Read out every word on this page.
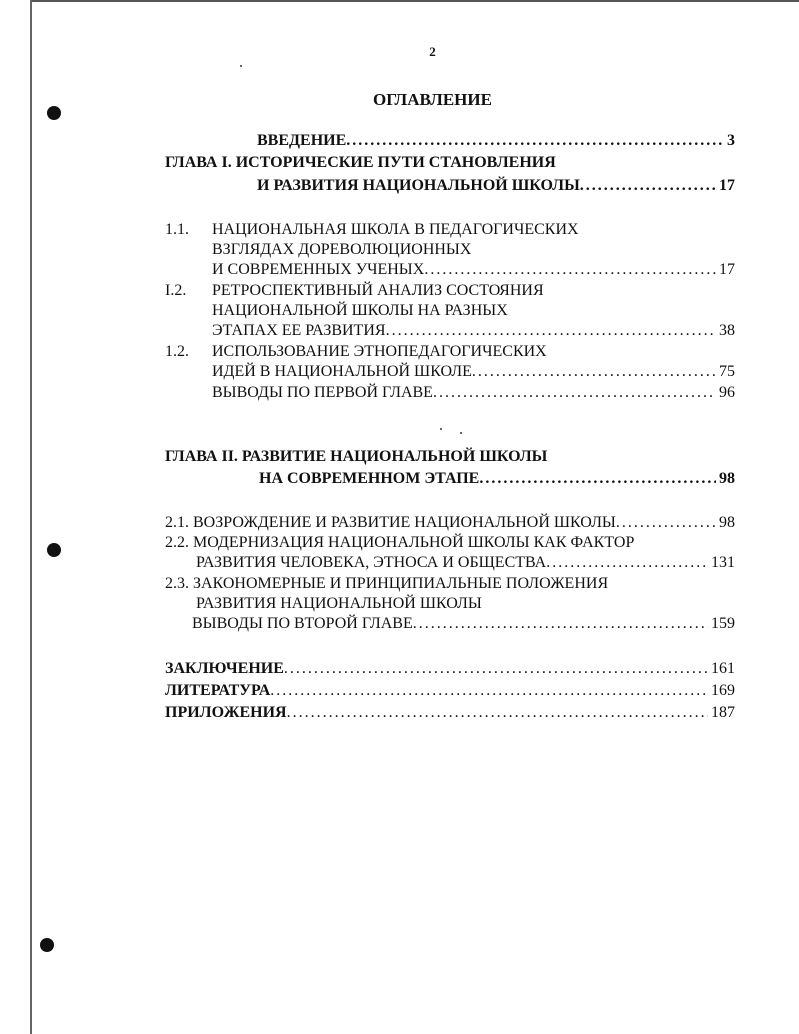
2
ОГЛАВЛЕНИЕ
ВВЕДЕНИЕ . . .	3
ГЛАВА I. ИСТОРИЧЕСКИЕ ПУТИ СТАНОВЛЕНИЯ
И РАЗВИТИЯ НАЦИОНАЛЬНОЙ ШКОЛЫ . . .	17
1.1. НАЦИОНАЛЬНАЯ ШКОЛА В ПЕДАГОГИЧЕСКИХ
ВЗГЛЯДАХ ДОРЕВОЛЮЦИОННЫХ
И СОВРЕМЕННЫХ УЧЕНЫХ . . .	17
I.2. РЕТРОСПЕКТИВНЫЙ АНАЛИЗ СОСТОЯНИЯ
НАЦИОНАЛЬНОЙ ШКОЛЫ НА РАЗНЫХ
ЭТАПАХ ЕЕ РАЗВИТИЯ . . .	38
1.2. ИСПОЛЬЗОВАНИЕ ЭТНОПЕДАГОГИЧЕСКИХ
ИДЕЙ В НАЦИОНАЛЬНОЙ ШКОЛЕ . . .	75
ВЫВОДЫ ПО ПЕРВОЙ ГЛАВЕ . . .	96
ГЛАВА II. РАЗВИТИЕ НАЦИОНАЛЬНОЙ ШКОЛЫ
НА СОВРЕМЕННОМ ЭТАПЕ . . .	98
2.1. ВОЗРОЖДЕНИЕ И РАЗВИТИЕ НАЦИОНАЛЬНОЙ ШКОЛЫ . . .	98
2.2. МОДЕРНИЗАЦИЯ НАЦИОНАЛЬНОЙ ШКОЛЫ КАК ФАКТОР
РАЗВИТИЯ ЧЕЛОВЕКА, ЭТНОСА И ОБЩЕСТВА . . .	131
2.3. ЗАКОНОМЕРНЫЕ И ПРИНЦИПИАЛЬНЫЕ ПОЛОЖЕНИЯ
РАЗВИТИЯ НАЦИОНАЛЬНОЙ ШКОЛЫ
ВЫВОДЫ ПО ВТОРОЙ ГЛАВЕ . . .	159
ЗАКЛЮЧЕНИЕ . . .	161
ЛИТЕРАТУРА . . .	169
ПРИЛОЖЕНИЯ . . .	187
